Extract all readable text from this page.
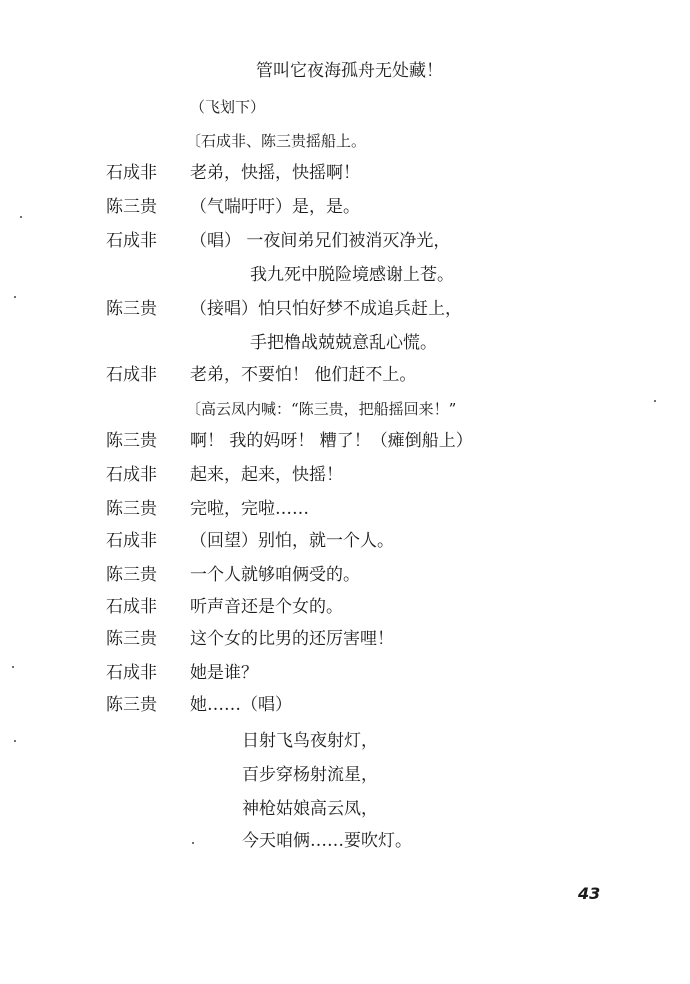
管叫它夜海孤舟无处藏！
（飞划下）
〔石成非、陈三贵摇船上。
石成非 老弟，快摇，快摇啊！
陈三贵 （气喘吁吁）是，是。
石成非 （唱） 一夜间弟兄们被消灭净光，
我九死中脱险境感谢上苍。
陈三贵 （接唱）怕只怕好梦不成追兵赶上，
手把橹战兢兢意乱心慌。
石成非 老弟，不要怕！ 他们赶不上。
〔高云凤内喊：“陈三贵，把船摇回来！”
陈三贵 啊！ 我的妈呀！ 糟了！（瘫倒船上）
石成非 起来，起来，快摇！
陈三贵 完啦，完啦……
石成非 （回望）别怕，就一个人。
陈三贵 一个人就够咱俩受的。
石成非 听声音还是个女的。
陈三贵 这个女的比男的还厉害哩！
石成非 她是谁？
陈三贵 她……（唱）
日射飞鸟夜射灯，
百步穿杨射流星，
神枪姑娘高云凤，
今天咱俩……要吹灯。
43
